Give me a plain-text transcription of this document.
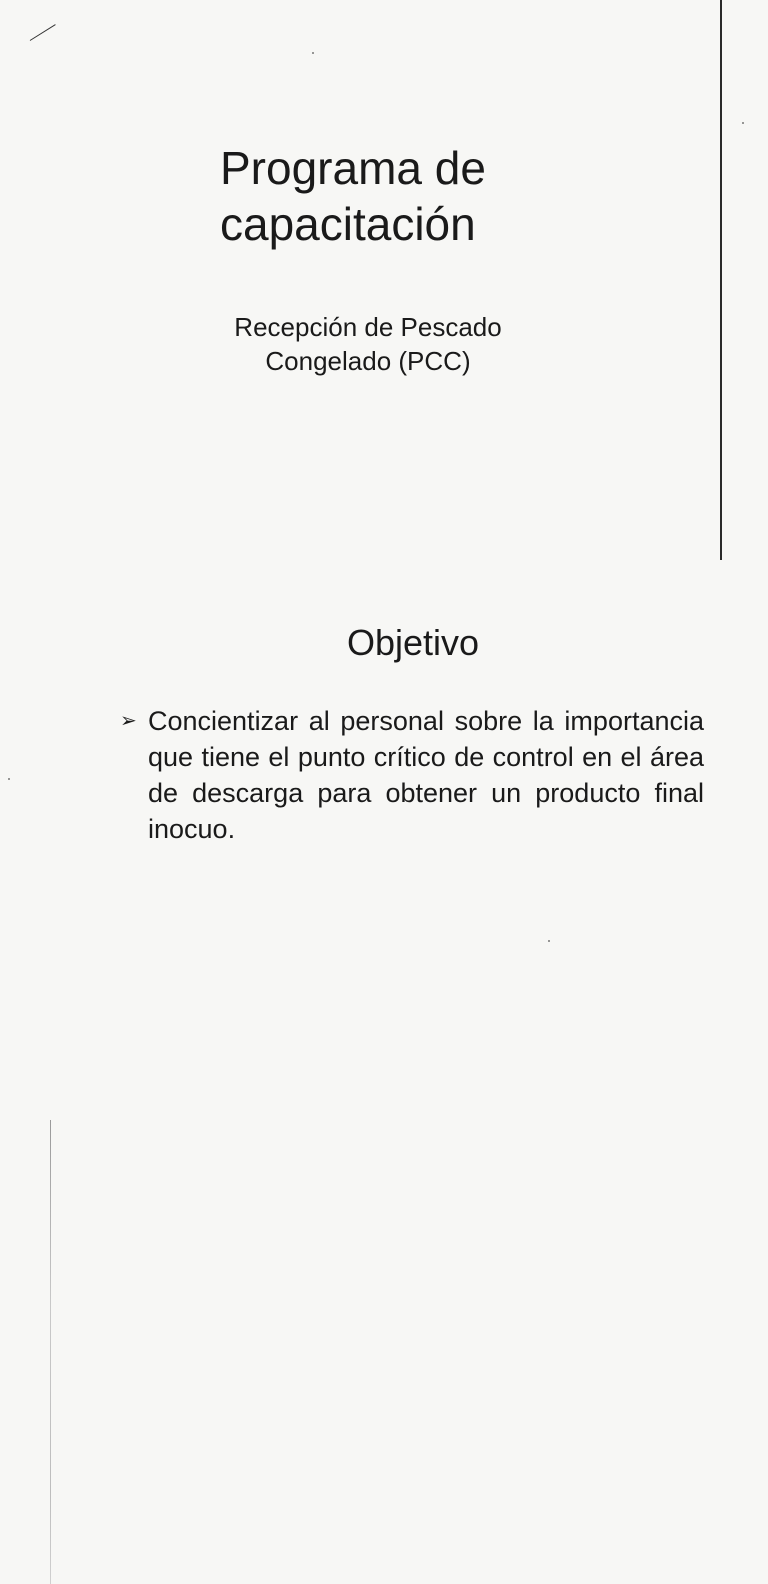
Programa de
capacitación

Recepción de Pescado
Congelado (PCC)

Objetivo
➢ Concientizar al personal sobre la importancia que tiene el punto crítico de control en el área de descarga para obtener un producto final inocuo.
